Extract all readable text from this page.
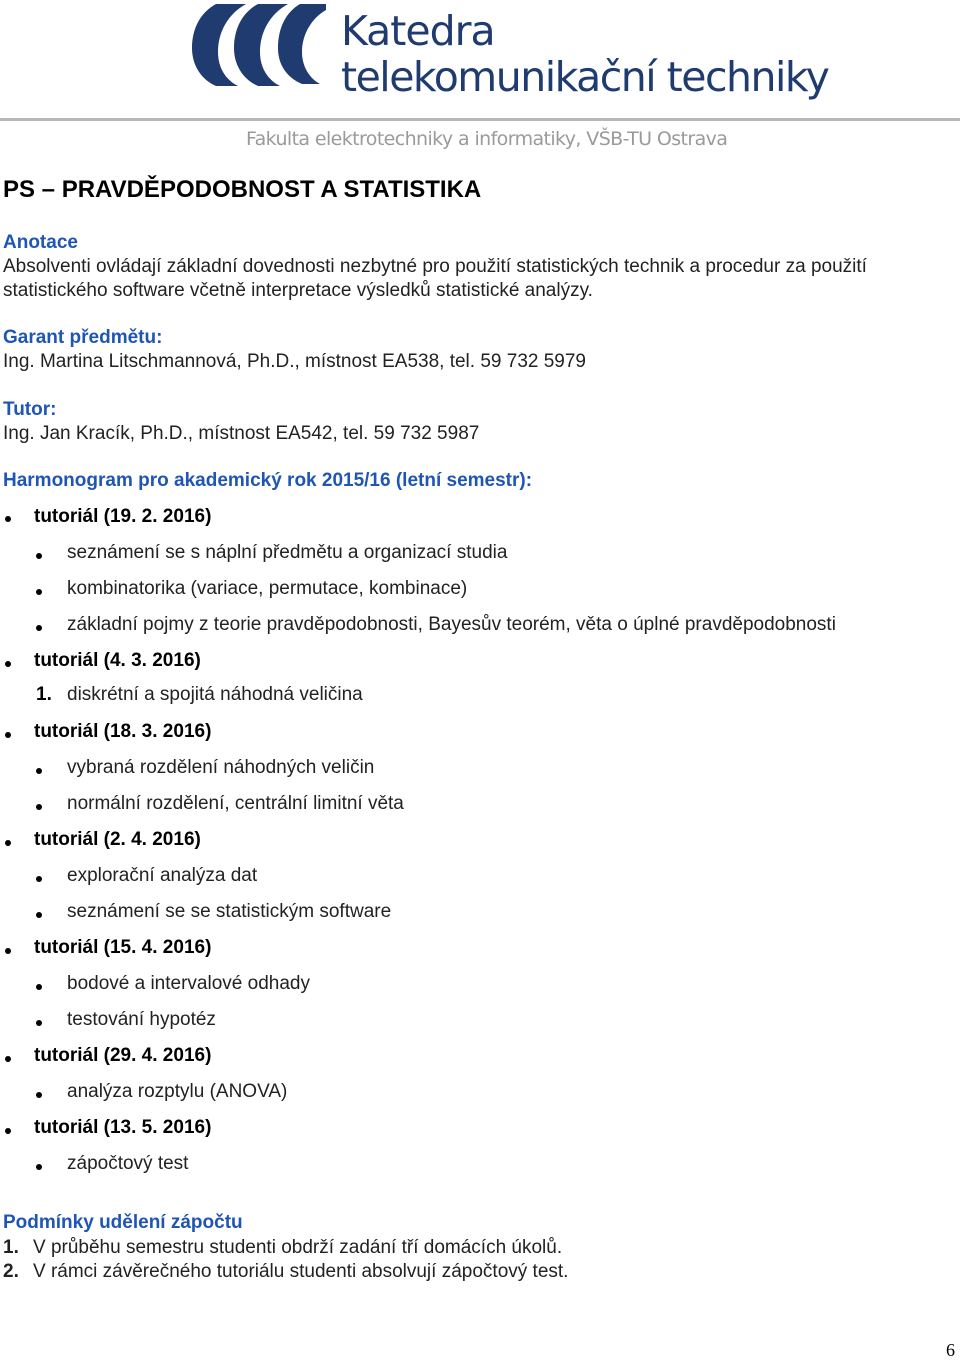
Katedra
telekomunikační techniky
Fakulta elektrotechniky a informatiky, VŠB-TU Ostrava
PS – PRAVDĚPODOBNOST A STATISTIKA
Anotace
Absolventi ovládají základní dovednosti nezbytné pro použití statistických technik a procedur za použití
statistického software včetně interpretace výsledků statistické analýzy.
Garant předmětu:
Ing. Martina Litschmannová, Ph.D., místnost EA538, tel. 59 732 5979
Tutor:
Ing. Jan Kracík, Ph.D., místnost EA542, tel. 59 732 5987
Harmonogram pro akademický rok 2015/16 (letní semestr):
tutoriál (19. 2. 2016)
seznámení se s náplní předmětu a organizací studia
kombinatorika (variace, permutace, kombinace)
základní pojmy z teorie pravděpodobnosti, Bayesův teorém, věta o úplné pravděpodobnosti
tutoriál (4. 3. 2016)
1. diskrétní a spojitá náhodná veličina
tutoriál (18. 3. 2016)
vybraná rozdělení náhodných veličin
normální rozdělení, centrální limitní věta
tutoriál (2. 4. 2016)
explorační analýza dat
seznámení se se statistickým software
tutoriál (15. 4. 2016)
bodové a intervalové odhady
testování hypotéz
tutoriál (29. 4. 2016)
analýza rozptylu (ANOVA)
tutoriál (13. 5. 2016)
zápočtový test
Podmínky udělení zápočtu
1. V průběhu semestru studenti obdrží zadání tří domácích úkolů.
2. V rámci závěrečného tutoriálu studenti absolvují zápočtový test.
6
